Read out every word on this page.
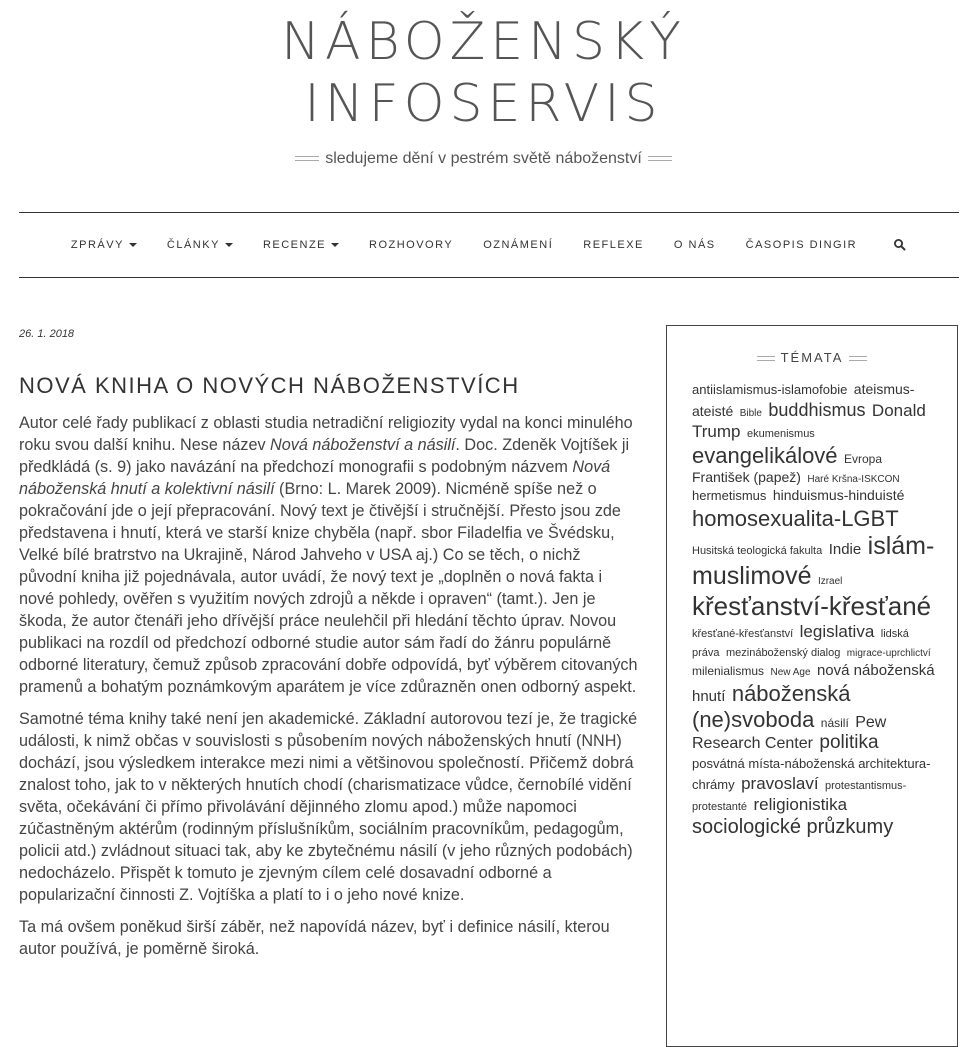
NÁBOŽENSKÝ
INFOSERVIS
sledujeme dění v pestrém světě náboženství
ZPRÁVY	ČLÁNKY	RECENZE	ROZHOVORY	OZNÁMENÍ	REFLEXE	O NÁS	ČASOPIS DINGIR
26. 1. 2018
NOVÁ KNIHA O NOVÝCH NÁBOŽENSTVÍCH

Autor celé řady publikací z oblasti studia netradiční religiozity vydal na konci minulého roku svou další knihu. Nese název Nová náboženství a násilí. Doc. Zdeněk Vojtíšek ji předkládá (s. 9) jako navázání na předchozí monografii s podobným názvem Nová náboženská hnutí a kolektivní násilí (Brno: L. Marek 2009). Nicméně spíše než o pokračování jde o její přepracování. Nový text je čtivější i stručnější. Přesto jsou zde představena i hnutí, která ve starší knize chyběla (např. sbor Filadelfia ve Švédsku, Velké bílé bratrstvo na Ukrajině, Národ Jahveho v USA aj.) Co se těch, o nichž původní kniha již pojednávala, autor uvádí, že nový text je „doplněn o nová fakta i nové pohledy, ověřen s využitím nových zdrojů a někde i opraven“ (tamt.). Jen je škoda, že autor čtenáři jeho dřívější práce neulehčil při hledání těchto úprav. Novou publikaci na rozdíl od předchozí odborné studie autor sám řadí do žánru populárně odborné literatury, čemuž způsob zpracování dobře odpovídá, byť výběrem citovaných pramenů a bohatým poznámkovým aparátem je více zdůrazněn onen odborný aspekt.

Samotné téma knihy také není jen akademické. Základní autorovou tezí je, že tragické události, k nimž občas v souvislosti s působením nových náboženských hnutí (NNH) dochází, jsou výsledkem interakce mezi nimi a většinovou společností. Přičemž dobrá znalost toho, jak to v některých hnutích chodí (charismatizace vůdce, černobílé vidění světa, očekávání či přímo přivolávání dějinného zlomu apod.) může napomoci zúčastněným aktérům (rodinným příslušníkům, sociálním pracovníkům, pedagogům, policii atd.) zvládnout situaci tak, aby ke zbytečnému násilí (v jeho různých podobách) nedocházelo. Přispět k tomuto je zjevným cílem celé dosavadní odborné a popularizační činnosti Z. Vojtíška a platí to i o jeho nové knize.

Ta má ovšem poněkud širší záběr, než napovídá název, byť i definice násilí, kterou autor používá, je poměrně široká.

TÉMATA
antiislamismus-islamofobie ateismus-ateisté Bible buddhismus Donald Trump ekumenismus evangelikálové Evropa František (papež) Haré Kršna-ISKCON hermetismus hinduismus-hinduisté homosexualita-LGBT Husitská teologická fakulta Indie islám-muslimové Izrael křesťanství-křesťané křesťané-křesťanství legislativa lidská práva mezináboženský dialog migrace-uprchlictví milenialismus New Age nová náboženská hnutí náboženská (ne)svoboda násilí Pew Research Center politika posvátná místa-náboženská architektura-chrámy pravoslaví protestantismus-protestanté religionistika sociologické průzkumy
